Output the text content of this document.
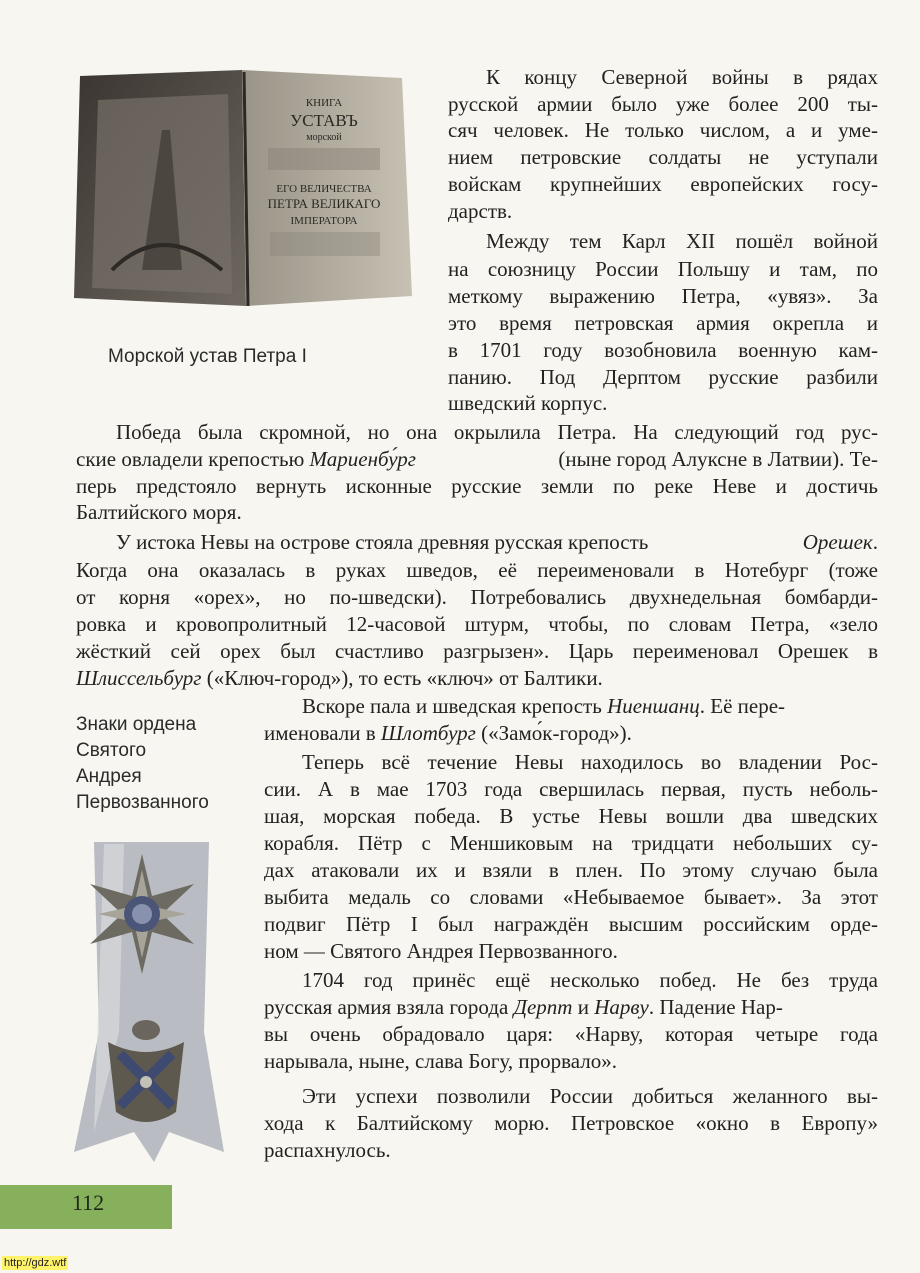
КНИГА
УСТАВЪ
морской
ЕГО ВЕЛИЧЕСТВА
ПЕТРА ВЕЛИКАГО
IМПЕРАТОРА
Морской устав Петра I
К концу Северной войны в рядах
русской армии было уже более 200 ты-
сяч человек. Не только числом, а и уме-
нием петровские солдаты не уступали
войскам крупнейших европейских госу-
дарств.
Между тем Карл XII пошёл войной
на союзницу России Польшу и там, по
меткому выражению Петра, «увяз». За
это время петровская армия окрепла и
в 1701 году возобновила военную кам-
панию. Под Дерптом русские разбили
шведский корпус.
Победа была скромной, но она окрылила Петра. На следующий год рус-
ские овладели крепостью Мариенбу́рг	(ныне город Алуксне в Латвии). Те-
перь предстояло вернуть исконные русские земли по реке Неве и достичь
Балтийского моря.
У истока Невы на острове стояла древняя русская крепость	Орешек.
Когда она оказалась в руках шведов, её переименовали в Нотебург (тоже
от корня «орех», но по-шведски). Потребовались двухнедельная бомбарди-
ровка и кровопролитный 12-часовой штурм, чтобы, по словам Петра, «зело
жёсткий сей орех был счастливо разгрызен». Царь переименовал Орешек в
Шлиссельбург («Ключ-город»), то есть «ключ» от Балтики.
Знаки ордена
Святого
Андрея
Первозванного
Вскоре пала и шведская крепость Ниеншанц. Её пере-
именовали в Шлотбург («Замо́к-город»).
Теперь всё течение Невы находилось во владении Рос-
сии. А в мае 1703 года свершилась первая, пусть неболь-
шая, морская победа. В устье Невы вошли два шведских
корабля. Пётр с Меншиковым на тридцати небольших су-
дах атаковали их и взяли в плен. По этому случаю была
выбита медаль со словами «Небываемое бывает». За этот
подвиг Пётр I был награждён высшим российским орде-
ном — Святого Андрея Первозванного.
1704 год принёс ещё несколько побед. Не без труда
русская армия взяла города Дерпт и Нарву. Падение Нар-
вы очень обрадовало царя: «Нарву, которая четыре года
нарывала, ныне, слава Богу, прорвало».
Эти успехи позволили России добиться желанного вы-
хода к Балтийскому морю. Петровское «окно в Европу»
распахнулось.
112
http://gdz.wtf
